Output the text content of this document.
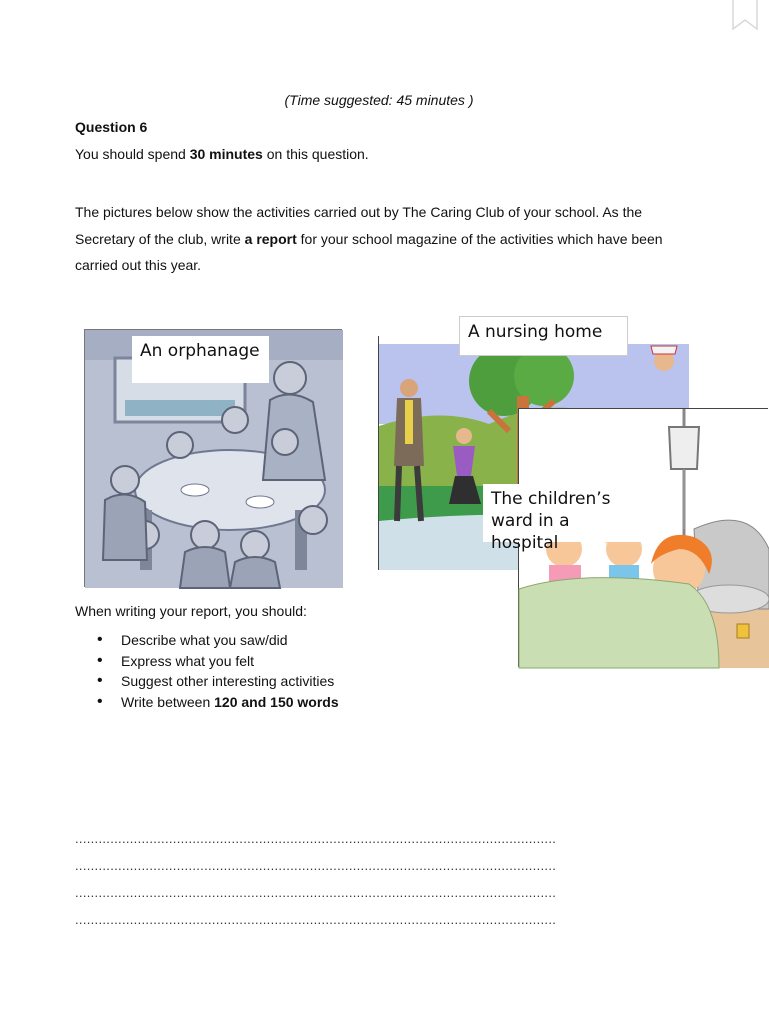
(Time suggested: 45 minutes )
Question 6
You should spend 30 minutes on this question.
The pictures below show the activities carried out by The Caring Club of your school. As the Secretary of the club, write a report for your school magazine of the activities which have been carried out this year.
An orphanage
A nursing home
The children’s ward in a hospital
When writing your report, you should:
• Describe what you saw/did
• Express what you felt
• Suggest other interesting activities
• Write between 120 and 150 words
...........................................................................................................................
...........................................................................................................................
...........................................................................................................................
...........................................................................................................................
